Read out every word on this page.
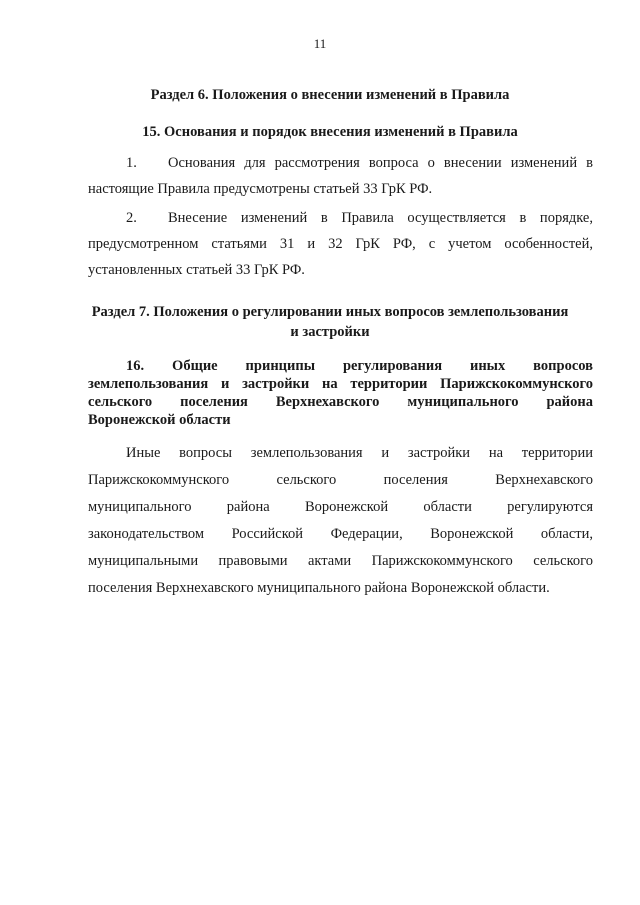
11
Раздел 6. Положения о внесении изменений в Правила
15. Основания и порядок внесения изменений в Правила
1.	Основания для рассмотрения вопроса о внесении изменений в
настоящие Правила предусмотрены статьей 33 ГрК РФ.
2.	Внесение изменений в Правила осуществляется в порядке,
предусмотренном статьями 31 и 32 ГрК РФ, с учетом особенностей,
установленных статьей 33 ГрК РФ.
Раздел 7. Положения о регулировании иных вопросов землепользования
и застройки
16.    Общие    принципы    регулирования    иных    вопросов
землепользования и застройки на территории Парижскокоммунского
сельского    поселения    Верхнехавского    муниципального    района
Воронежской области
Иные вопросы землепользования и застройки на территории
Парижскокоммунского сельского поселения Верхнехавского
муниципального района Воронежской области регулируются
законодательством Российской Федерации, Воронежской области,
муниципальными правовыми актами Парижскокоммунского сельского
поселения Верхнехавского муниципального района Воронежской области.
